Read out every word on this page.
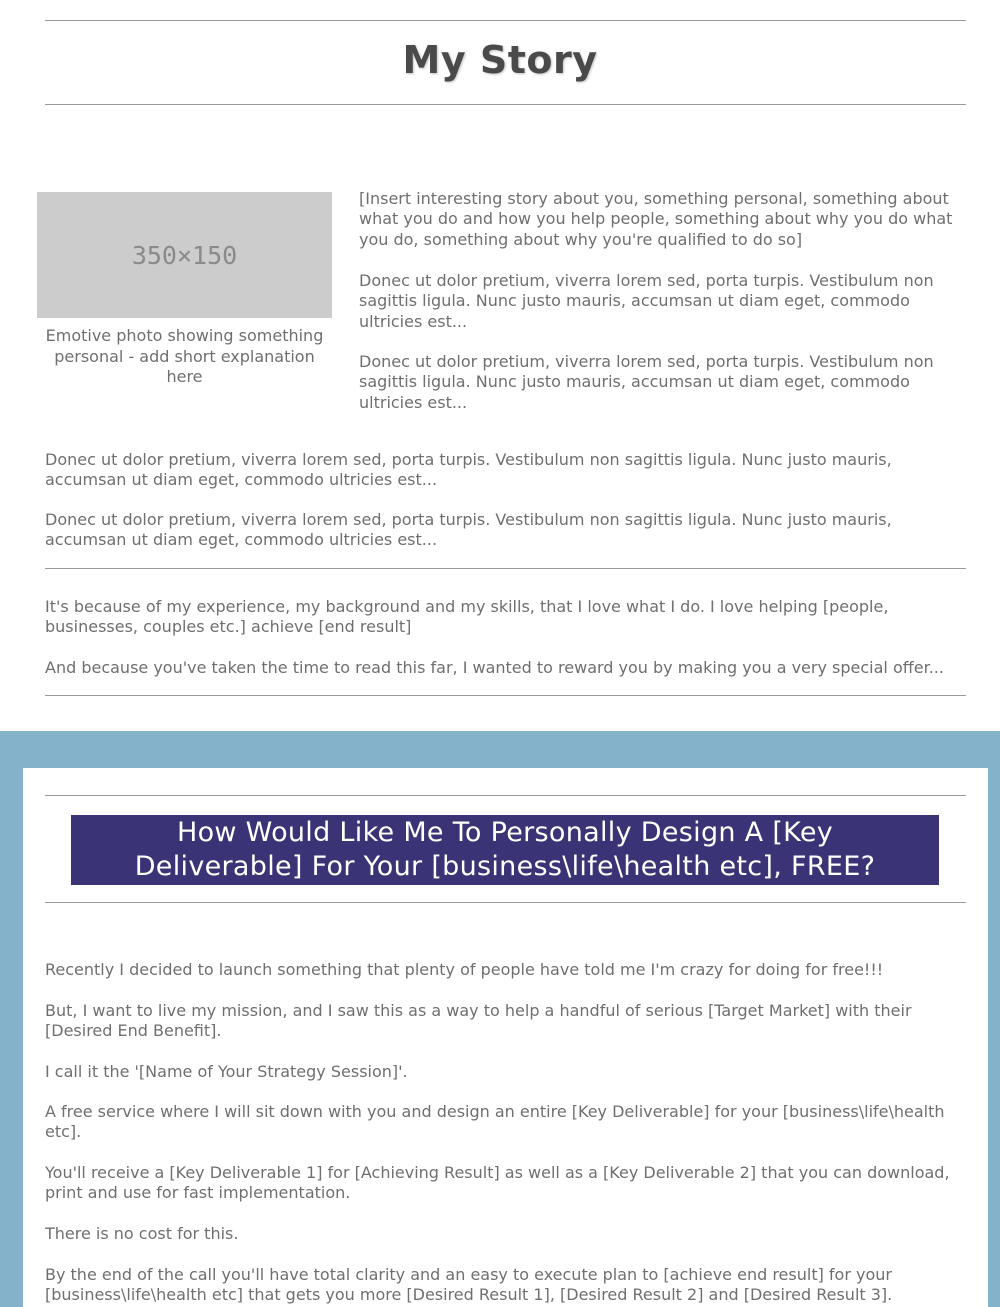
My Story
350×150

Emotive photo showing something personal - add short explanation here

[Insert interesting story about you, something personal, something about what you do and how you help people, something about why you do what you do, something about why you're qualified to do so]

Donec ut dolor pretium, viverra lorem sed, porta turpis. Vestibulum non sagittis ligula. Nunc justo mauris, accumsan ut diam eget, commodo ultricies est...

Donec ut dolor pretium, viverra lorem sed, porta turpis. Vestibulum non sagittis ligula. Nunc justo mauris, accumsan ut diam eget, commodo ultricies est...

Donec ut dolor pretium, viverra lorem sed, porta turpis. Vestibulum non sagittis ligula. Nunc justo mauris, accumsan ut diam eget, commodo ultricies est...

Donec ut dolor pretium, viverra lorem sed, porta turpis. Vestibulum non sagittis ligula. Nunc justo mauris, accumsan ut diam eget, commodo ultricies est...

It's because of my experience, my background and my skills, that I love what I do. I love helping [people, businesses, couples etc.] achieve [end result]

And because you've taken the time to read this far, I wanted to reward you by making you a very special offer...

How Would Like Me To Personally Design A [Key Deliverable] For Your [business\life\health etc], FREE?

Recently I decided to launch something that plenty of people have told me I'm crazy for doing for free!!!

But, I want to live my mission, and I saw this as a way to help a handful of serious [Target Market] with their [Desired End Benefit].

I call it the '[Name of Your Strategy Session]'.

A free service where I will sit down with you and design an entire [Key Deliverable] for your [business\life\health etc].

You'll receive a [Key Deliverable 1] for [Achieving Result] as well as a [Key Deliverable 2] that you can download, print and use for fast implementation.

There is no cost for this.

By the end of the call you'll have total clarity and an easy to execute plan to [achieve end result] for your [business\life\health etc] that gets you more [Desired Result 1], [Desired Result 2] and [Desired Result 3].
